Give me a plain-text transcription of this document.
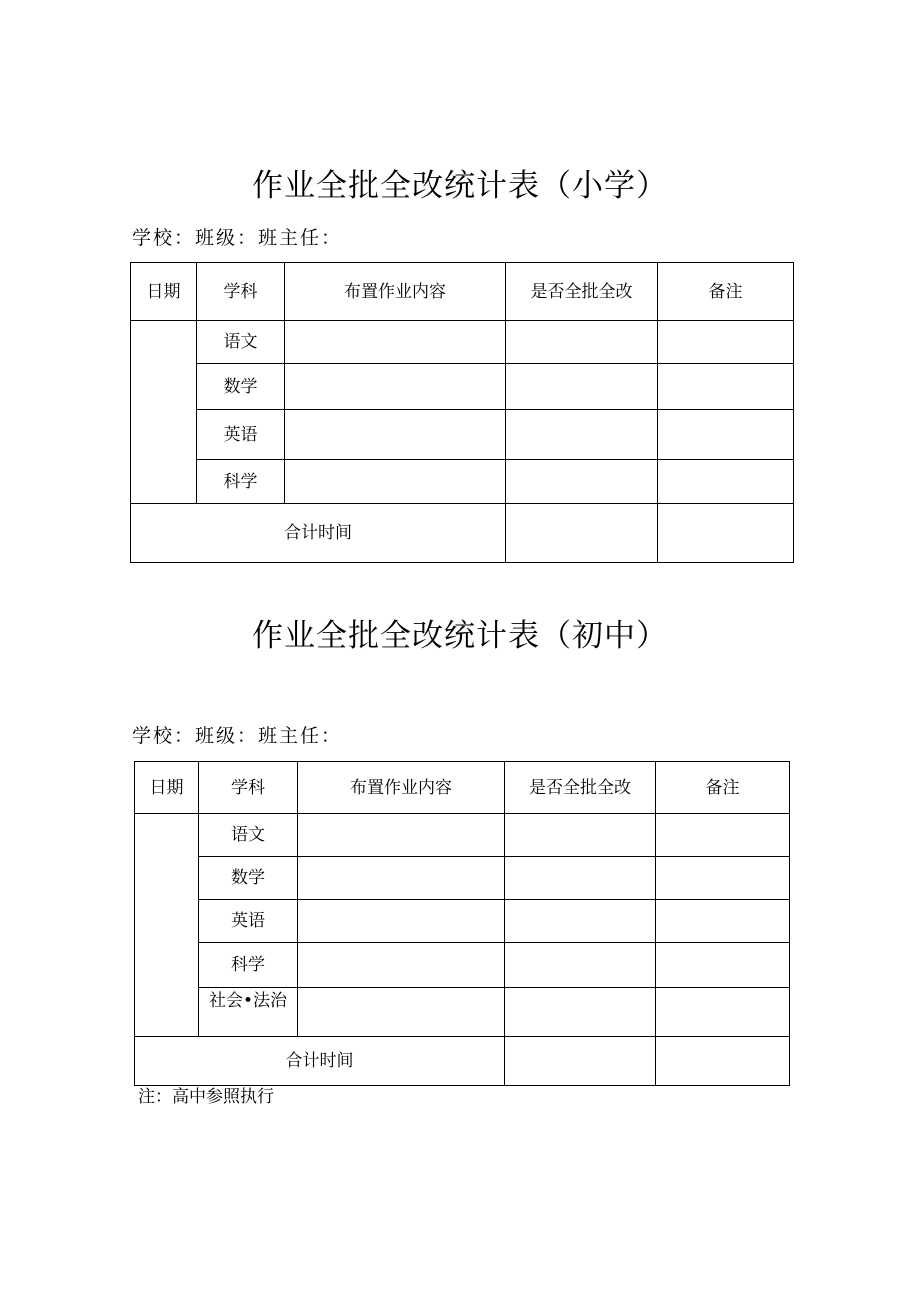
作业全批全改统计表（小学）
学校：班级：班主任：
日期	学科	布置作业内容	是否全批全改	备注
	语文			
	数学			
	英语			
	科学			
合计时间				
作业全批全改统计表（初中）
学校：班级：班主任：
日期	学科	布置作业内容	是否全批全改	备注
	语文			
	数学			
	英语			
	科学			
	社会•法治			
合计时间				
注：高中参照执行
